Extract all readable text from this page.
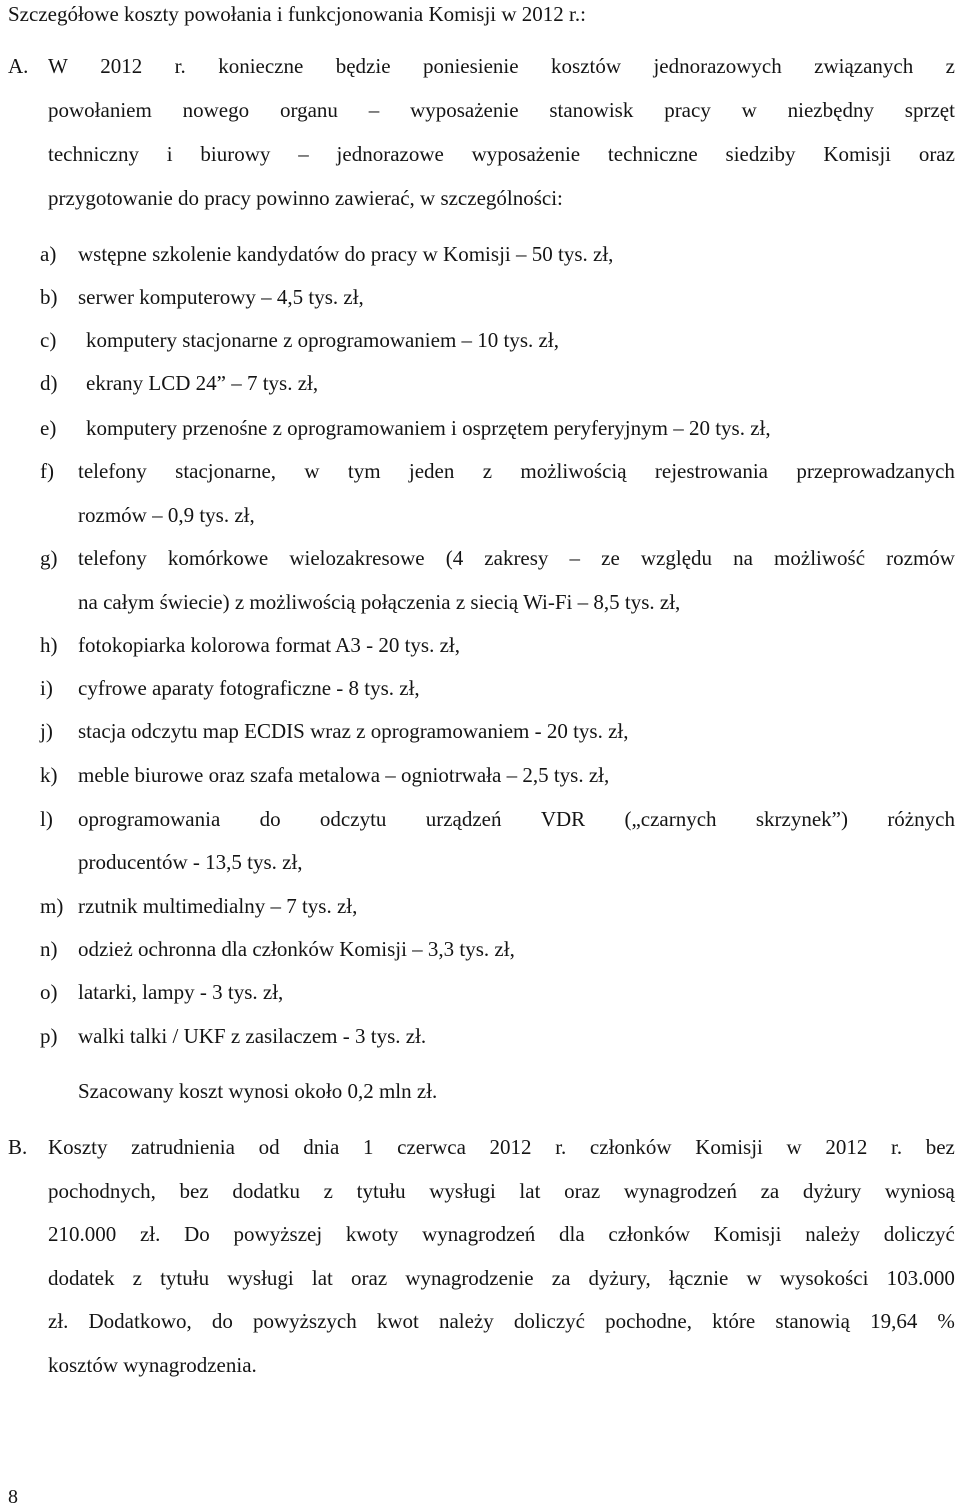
Szczegółowe koszty powołania i funkcjonowania Komisji w 2012 r.:
A. W 2012 r. konieczne będzie poniesienie kosztów jednorazowych związanych z
powołaniem nowego organu – wyposażenie stanowisk pracy w niezbędny sprzęt
techniczny i biurowy – jednorazowe wyposażenie techniczne siedziby Komisji oraz
przygotowanie do pracy powinno zawierać, w szczególności:
a) wstępne szkolenie kandydatów do pracy w Komisji – 50 tys. zł,
b) serwer komputerowy – 4,5 tys. zł,
c) komputery stacjonarne z oprogramowaniem – 10 tys. zł,
d) ekrany LCD 24” – 7 tys. zł,
e) komputery przenośne z oprogramowaniem i osprzętem peryferyjnym – 20 tys. zł,
f) telefony stacjonarne, w tym jeden z możliwością rejestrowania przeprowadzanych
rozmów – 0,9 tys. zł,
g) telefony komórkowe wielozakresowe (4 zakresy – ze względu na możliwość rozmów
na całym świecie) z możliwością połączenia z siecią Wi-Fi – 8,5 tys. zł,
h) fotokopiarka kolorowa format A3 - 20 tys. zł,
i) cyfrowe aparaty fotograficzne - 8 tys. zł,
j) stacja odczytu map ECDIS wraz z oprogramowaniem - 20 tys. zł,
k) meble biurowe oraz szafa metalowa – ogniotrwała – 2,5 tys. zł,
l) oprogramowania do odczytu urządzeń VDR („czarnych skrzynek”) różnych
producentów - 13,5 tys. zł,
m) rzutnik multimedialny – 7 tys. zł,
n) odzież ochronna dla członków Komisji – 3,3 tys. zł,
o) latarki, lampy - 3 tys. zł,
p) walki talki / UKF z zasilaczem - 3 tys. zł.
Szacowany koszt wynosi około 0,2 mln zł.
B. Koszty zatrudnienia od dnia 1 czerwca 2012 r. członków Komisji w 2012 r. bez
pochodnych, bez dodatku z tytułu wysługi lat oraz wynagrodzeń za dyżury wyniosą
210.000 zł. Do powyższej kwoty wynagrodzeń dla członków Komisji należy doliczyć
dodatek z tytułu wysługi lat oraz wynagrodzenie za dyżury, łącznie w wysokości 103.000
zł. Dodatkowo, do powyższych kwot należy doliczyć pochodne, które stanowią 19,64 %
kosztów wynagrodzenia.
8
